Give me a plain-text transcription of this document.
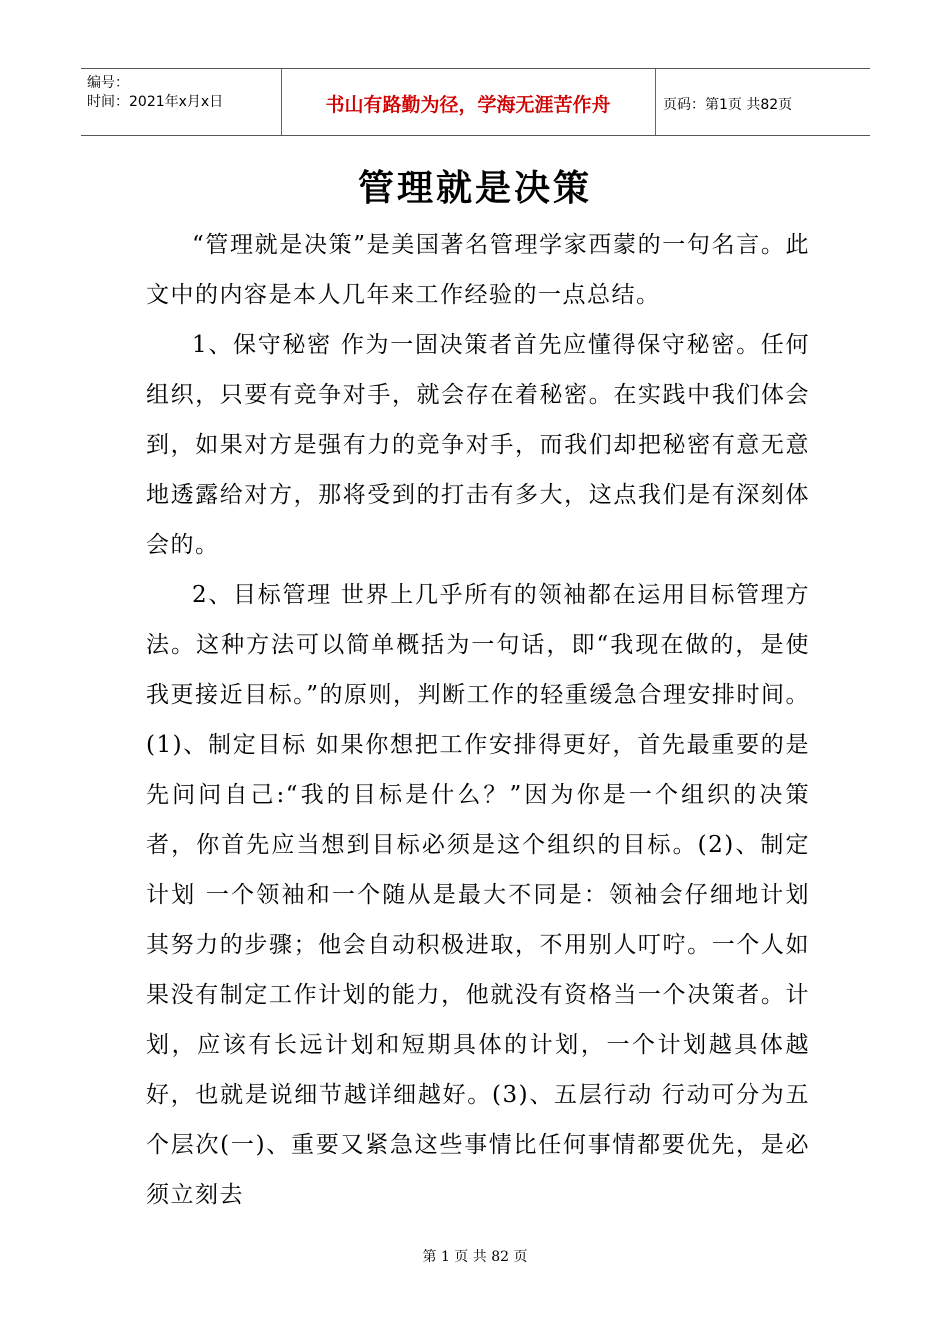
编号：
时间：2021年x月x日	书山有路勤为径，学海无涯苦作舟	页码：第1页 共82页
管理就是决策

“管理就是决策”是美国著名管理学家西蒙的一句名言。此文中的内容是本人几年来工作经验的一点总结。

1、保守秘密 作为一固决策者首先应懂得保守秘密。任何组织，只要有竞争对手，就会存在着秘密。在实践中我们体会到，如果对方是强有力的竞争对手，而我们却把秘密有意无意地透露给对方，那将受到的打击有多大，这点我们是有深刻体会的。

2、目标管理 世界上几乎所有的领袖都在运用目标管理方法。这种方法可以简单概括为一句话，即“我现在做的，是使我更接近目标。”的原则，判断工作的轻重缓急合理安排时间。(1)、制定目标 如果你想把工作安排得更好，首先最重要的是先问问自己:“我的目标是什么？”因为你是一个组织的决策者，你首先应当想到目标必须是这个组织的目标。(2)、制定计划 一个领袖和一个随从是最大不同是：领袖会仔细地计划其努力的步骤；他会自动积极进取，不用别人叮咛。一个人如果没有制定工作计划的能力，他就没有资格当一个决策者。计划，应该有长远计划和短期具体的计划，一个计划越具体越好，也就是说细节越详细越好。(3)、五层行动 行动可分为五个层次(一)、重要又紧急这些事情比任何事情都要优先，是必须立刻去

第 1 页 共 82 页
